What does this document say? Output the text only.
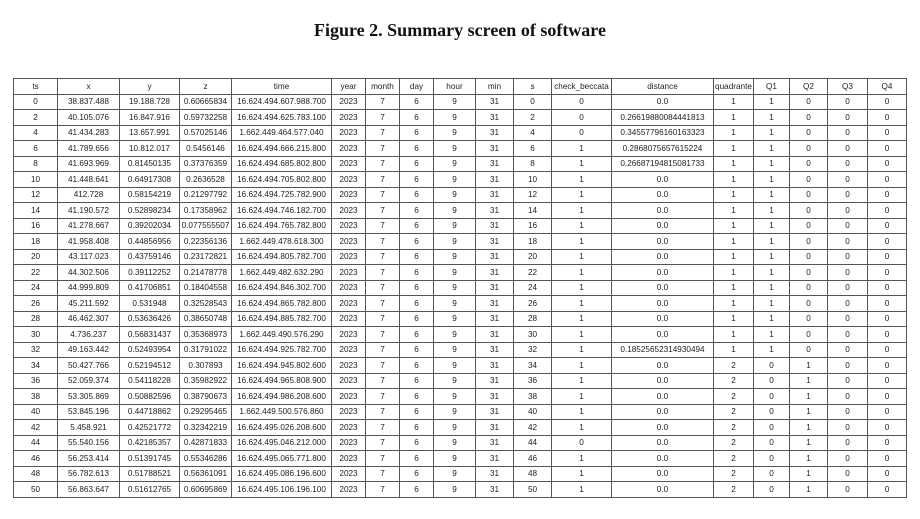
Figure 2. Summary screen of software
ts	x	y	z	time	year	month	day	hour	min	s	check_beccata	distance	quadrante	Q1	Q2	Q3	Q4
0	38.837.488	19.188.728	0.60665834	16.624.494.607.988.700	2023	7	6	9	31	0	0	0.0	1	1	0	0	0
2	40.105.076	16.847.916	0.59732258	16.624.494.625.783.100	2023	7	6	9	31	2	0	0.26619880084441813	1	1	0	0	0
4	41.434.283	13.657.991	0.57025146	1.662.449.464.577.040	2023	7	6	9	31	4	0	0.34557796160163323	1	1	0	0	0
6	41.789.656	10.812.017	0.5456146	16.624.494.666.215.800	2023	7	6	9	31	6	1	0.2868075657615224	1	1	0	0	0
8	41.693.969	0.81450135	0.37376359	16.624.494.685.802.800	2023	7	6	9	31	8	1	0.26687194815081733	1	1	0	0	0
10	41.448.641	0.64917308	0.2636528	16.624.494.705.802.800	2023	7	6	9	31	10	1	0.0	1	1	0	0	0
12	412.728	0.58154219	0.21297792	16.624.494.725.782.900	2023	7	6	9	31	12	1	0.0	1	1	0	0	0
14	41.190.572	0.52898234	0.17358962	16.624.494.746.182.700	2023	7	6	9	31	14	1	0.0	1	1	0	0	0
16	41.278.667	0.39202034	0.077555507	16.624.494.765.782.800	2023	7	6	9	31	16	1	0.0	1	1	0	0	0
18	41.958.408	0.44856956	0.22356136	1.662.449.478.618.300	2023	7	6	9	31	18	1	0.0	1	1	0	0	0
20	43.117.023	0.43759146	0.23172821	16.624.494.805.782.700	2023	7	6	9	31	20	1	0.0	1	1	0	0	0
22	44.302.506	0.39112252	0.21478778	1.662.449.482.632.290	2023	7	6	9	31	22	1	0.0	1	1	0	0	0
24	44.999.809	0.41706851	0.18404558	16.624.494.846.302.700	2023	7	6	9	31	24	1	0.0	1	1	0	0	0
26	45.211.592	0.531948	0.32528543	16.624.494.865.782.800	2023	7	6	9	31	26	1	0.0	1	1	0	0	0
28	46.462.307	0.53636426	0.38650748	16.624.494.885.782.700	2023	7	6	9	31	28	1	0.0	1	1	0	0	0
30	4.736.237	0.56831437	0.35368973	1.662.449.490.576.290	2023	7	6	9	31	30	1	0.0	1	1	0	0	0
32	49.163.442	0.52493954	0.31791022	16.624.494.925.782.700	2023	7	6	9	31	32	1	0.18525652314930494	1	1	0	0	0
34	50.427.766	0.52194512	0.307893	16.624.494.945.802.600	2023	7	6	9	31	34	1	0.0	2	0	1	0	0
36	52.059.374	0.54118228	0.35982922	16.624.494.965.808.900	2023	7	6	9	31	36	1	0.0	2	0	1	0	0
38	53.305.869	0.50882596	0.38790673	16.624.494.986.208.600	2023	7	6	9	31	38	1	0.0	2	0	1	0	0
40	53.845.196	0.44718862	0.29295465	1.662.449.500.576.860	2023	7	6	9	31	40	1	0.0	2	0	1	0	0
42	5.458.921	0.42521772	0.32342219	16.624.495.026.208.600	2023	7	6	9	31	42	1	0.0	2	0	1	0	0
44	55.540.156	0.42185357	0.42871833	16.624.495.046.212.000	2023	7	6	9	31	44	0	0.0	2	0	1	0	0
46	56.253.414	0.51391745	0.55346286	16.624.495.065.771.800	2023	7	6	9	31	46	1	0.0	2	0	1	0	0
48	56.782.613	0.51788521	0.56361091	16.624.495.086.196.600	2023	7	6	9	31	48	1	0.0	2	0	1	0	0
50	56.863.647	0.51612765	0.60695869	16.624.495.106.196.100	2023	7	6	9	31	50	1	0.0	2	0	1	0	0
